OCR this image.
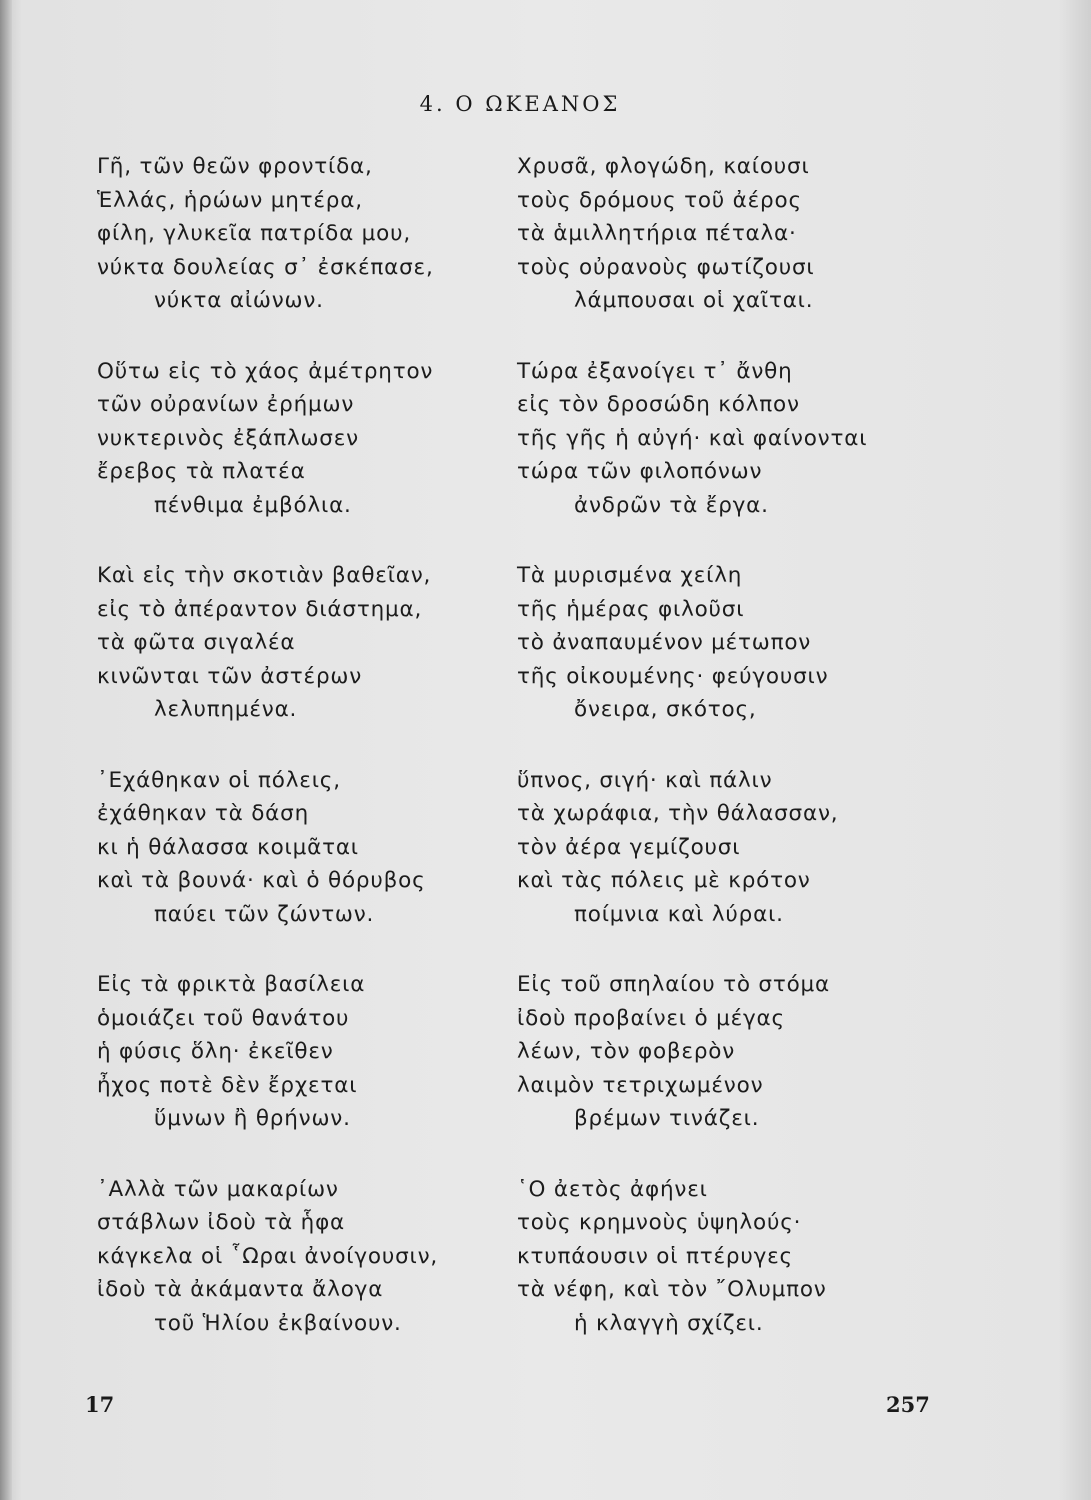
4. Ο ΩΚΕΑΝΟΣ
Γῆ, τῶν θεῶν φροντίδα,
Ἑλλάς, ἡρώων μητέρα,
φίλη, γλυκεῖα πατρίδα μου,
νύκτα δουλείας σ᾽ ἐσκέπασε,
νύκτα αἰώνων.
Οὕτω εἰς τὸ χάος ἀμέτρητον
τῶν οὐρανίων ἐρήμων
νυκτερινὸς ἐξάπλωσεν
ἔρεβος τὰ πλατέα
πένθιμα ἐμβόλια.
Καὶ εἰς τὴν σκοτιὰν βαθεῖαν,
εἰς τὸ ἀπέραντον διάστημα,
τὰ φῶτα σιγαλέα
κινῶνται τῶν ἀστέρων
λελυπημένα.
᾿Εχάθηκαν οἱ πόλεις,
ἐχάθηκαν τὰ δάση
κι ἡ θάλασσα κοιμᾶται
καὶ τὰ βουνά· καὶ ὁ θόρυβος
παύει τῶν ζώντων.
Εἰς τὰ φρικτὰ βασίλεια
ὁμοιάζει τοῦ θανάτου
ἡ φύσις ὅλη· ἐκεῖθεν
ἦχος ποτὲ δὲν ἔρχεται
ὕμνων ἢ θρήνων.
᾿Αλλὰ τῶν μακαρίων
στάβλων ἰδοὺ τὰ ἧφα
κάγκελα οἱ ῟Ωραι ἀνοίγουσιν,
ἰδοὺ τὰ ἀκάμαντα ἄλογα
τοῦ Ἡλίου ἐκβαίνουν.
Χρυσᾶ, φλογώδη, καίουσι
τοὺς δρόμους τοῦ ἀέρος
τὰ ἁμιλλητήρια πέταλα·
τοὺς οὐρανοὺς φωτίζουσι
λάμπουσαι οἱ χαῖται.
Τώρα ἐξανοίγει τ᾽ ἄνθη
εἰς τὸν δροσώδη κόλπον
τῆς γῆς ἡ αὐγή· καὶ φαίνονται
τώρα τῶν φιλοπόνων
ἀνδρῶν τὰ ἔργα.
Τὰ μυρισμένα χείλη
τῆς ἡμέρας φιλοῦσι
τὸ ἀναπαυμένον μέτωπον
τῆς οἰκουμένης· φεύγουσιν
ὄνειρα, σκότος,
ὕπνος, σιγή· καὶ πάλιν
τὰ χωράφια, τὴν θάλασσαν,
τὸν ἀέρα γεμίζουσι
καὶ τὰς πόλεις μὲ κρότον
ποίμνια καὶ λύραι.
Εἰς τοῦ σπηλαίου τὸ στόμα
ἰδοὺ προβαίνει ὁ μέγας
λέων, τὸν φοβερὸν
λαιμὸν τετριχωμένον
βρέμων τινάζει.
῾Ο ἀετὸς ἀφήνει
τοὺς κρημνοὺς ὑψηλούς·
κτυπάουσιν οἱ πτέρυγες
τὰ νέφη, καὶ τὸν ῎Ολυμπον
ἡ κλαγγὴ σχίζει.
17	257
